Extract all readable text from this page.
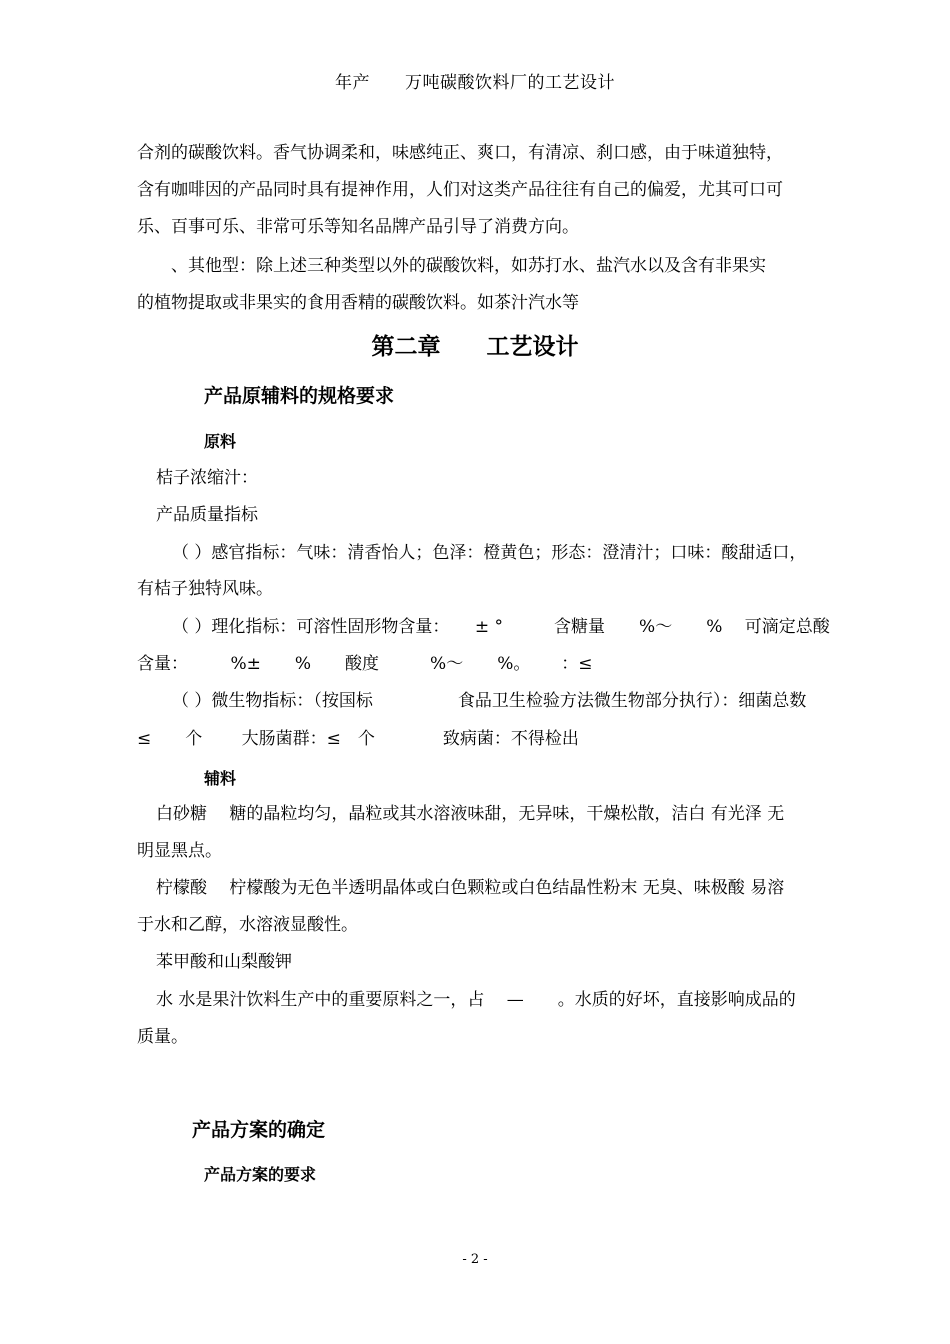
年产　　万吨碳酸饮料厂的工艺设计
合剂的碳酸饮料。香气协调柔和，味感纯正、爽口，有清凉、刹口感，由于味道独特，
含有咖啡因的产品同时具有提神作用，人们对这类产品往往有自己的偏爱，尤其可口可
乐、百事可乐、非常可乐等知名品牌产品引导了消费方向。
　　、其他型：除上述三种类型以外的碳酸饮料，如苏打水、盐汽水以及含有非果实
的植物提取或非果实的食用香精的碳酸饮料。如茶汁汽水等
第二章　　工艺设计
产品原辅料的规格要求
原料
桔子浓缩汁：
产品质量指标
（ ）感官指标：气味：清香怡人；色泽：橙黄色；形态：澄清汁；口味：酸甜适口，
有桔子独特风味。
（ ）理化指标：可溶性固形物含量：　　± °　　　含糖量　　%～　　%　 可滴定总酸
含量：　　　%±　　%　　酸度　　　%～　　%。　　 ：≤
（ ）微生物指标：（按国标　　　　　食品卫生检验方法微生物部分执行）：细菌总数
≤　　个　　 大肠菌群：≤　个　　　　致病菌：不得检出
辅料
白砂糖　 糖的晶粒均匀，晶粒或其水溶液味甜，无异味，干燥松散，洁白 有光泽 无
明显黑点。
柠檬酸　 柠檬酸为无色半透明晶体或白色颗粒或白色结晶性粉末 无臭、味极酸 易溶
于水和乙醇，水溶液显酸性。
苯甲酸和山梨酸钾
水 水是果汁饮料生产中的重要原料之一，占　 —　　。水质的好坏，直接影响成品的
质量。
产品方案的确定
产品方案的要求
- 2 -
